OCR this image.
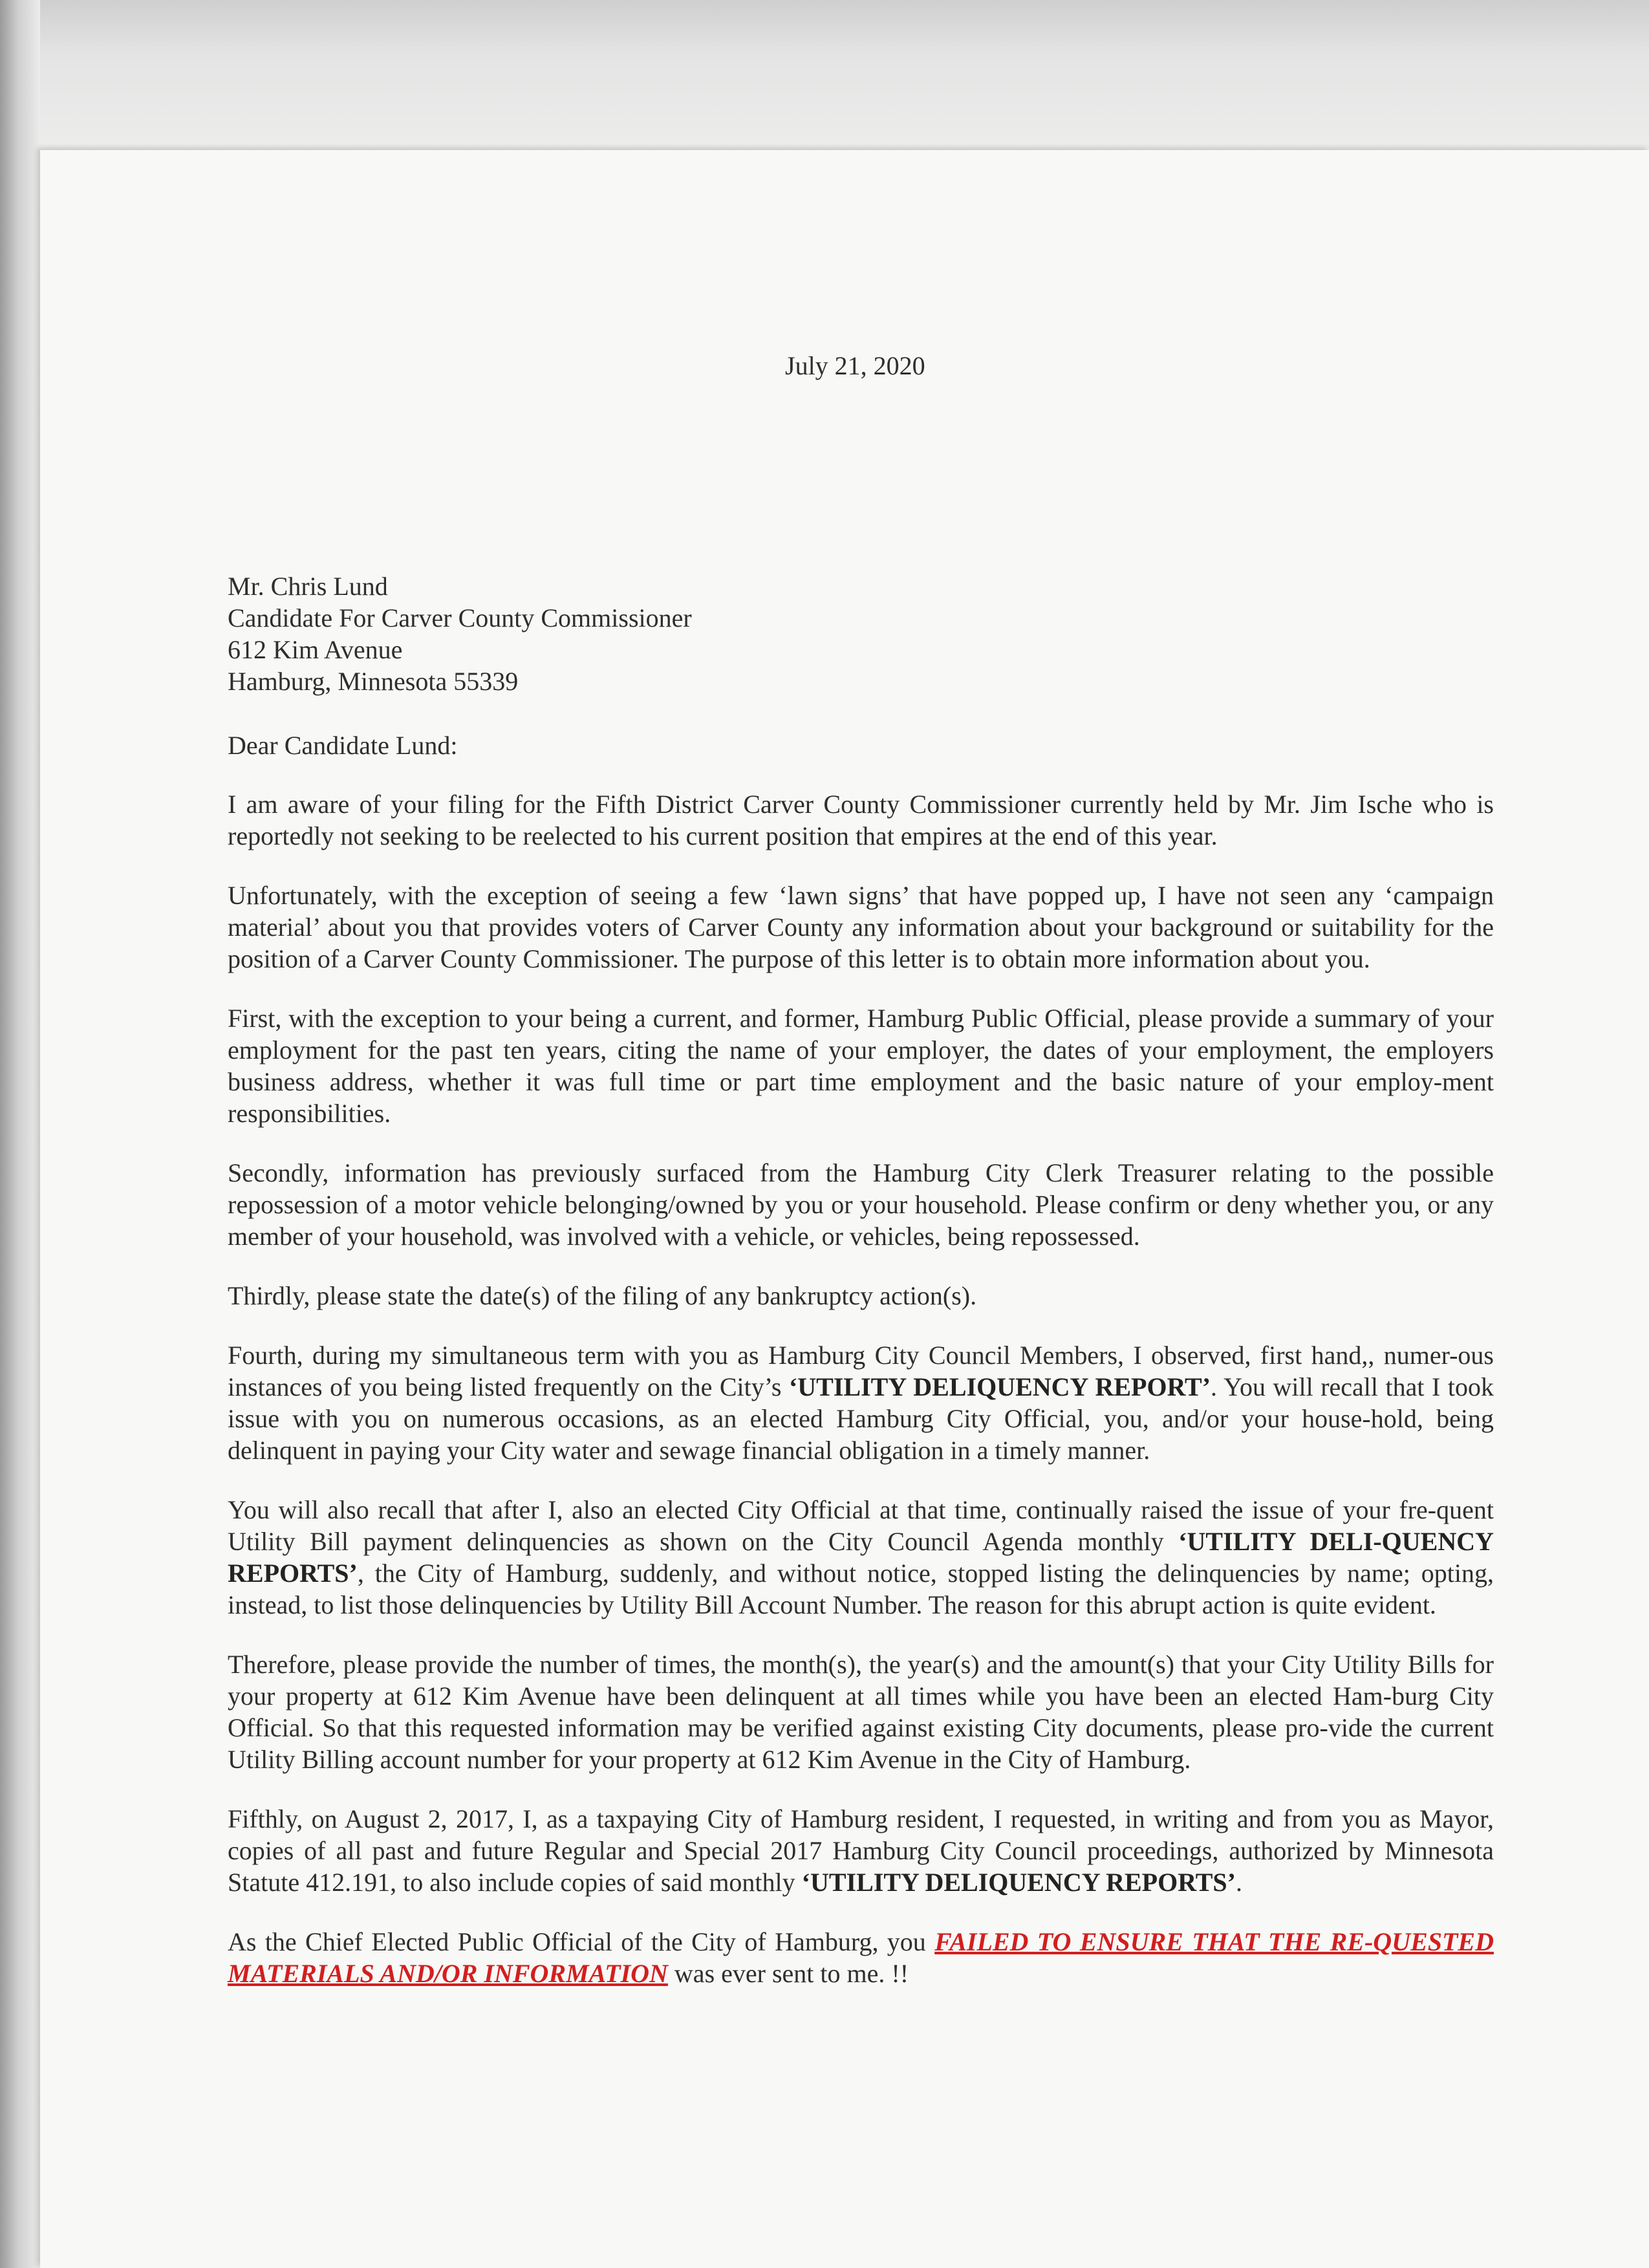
July 21, 2020
Mr. Chris Lund
Candidate For Carver County Commissioner
612 Kim Avenue
Hamburg, Minnesota 55339
Dear Candidate Lund:
I am aware of your filing for the Fifth District Carver County Commissioner currently held by Mr. Jim Ische who is reportedly not seeking to be reelected to his current position that empires at the end of this year.
Unfortunately, with the exception of seeing a few ‘lawn signs’ that have popped up, I have not seen any ‘campaign material’ about you that provides voters of Carver County any information about your background or suitability for the position of a Carver County Commissioner. The purpose of this letter is to obtain more information about you.
First, with the exception to your being a current, and former, Hamburg Public Official, please provide a summary of your employment for the past ten years, citing the name of your employer, the dates of your employment, the employers business address, whether it was full time or part time employment and the basic nature of your employ-ment responsibilities.
Secondly, information has previously surfaced from the Hamburg City Clerk Treasurer relating to the possible repossession of a motor vehicle belonging/owned by you or your household. Please confirm or deny whether you, or any member of your household, was involved with a vehicle, or vehicles, being repossessed.
Thirdly, please state the date(s) of the filing of any bankruptcy action(s).
Fourth, during my simultaneous term with you as Hamburg City Council Members, I observed, first hand,, numer-ous instances of you being listed frequently on the City’s ‘UTILITY DELIQUENCY REPORT’. You will recall that I took issue with you on numerous occasions, as an elected Hamburg City Official, you, and/or your house-hold, being delinquent in paying your City water and sewage financial obligation in a timely manner.
You will also recall that after I, also an elected City Official at that time, continually raised the issue of your fre-quent Utility Bill payment delinquencies as shown on the City Council Agenda monthly ‘UTILITY DELI-QUENCY REPORTS’, the City of Hamburg, suddenly, and without notice, stopped listing the delinquencies by name; opting, instead, to list those delinquencies by Utility Bill Account Number. The reason for this abrupt action is quite evident.
Therefore, please provide the number of times, the month(s), the year(s) and the amount(s) that your City Utility Bills for your property at 612 Kim Avenue have been delinquent at all times while you have been an elected Ham-burg City Official. So that this requested information may be verified against existing City documents, please pro-vide the current Utility Billing account number for your property at 612 Kim Avenue in the City of Hamburg.
Fifthly, on August 2, 2017, I, as a taxpaying City of Hamburg resident, I requested, in writing and from you as Mayor, copies of all past and future Regular and Special 2017 Hamburg City Council proceedings, authorized by Minnesota Statute 412.191, to also include copies of said monthly ‘UTILITY DELIQUENCY REPORTS’.
As the Chief Elected Public Official of the City of Hamburg, you FAILED TO ENSURE THAT THE RE-QUESTED MATERIALS AND/OR INFORMATION was ever sent to me. !!
